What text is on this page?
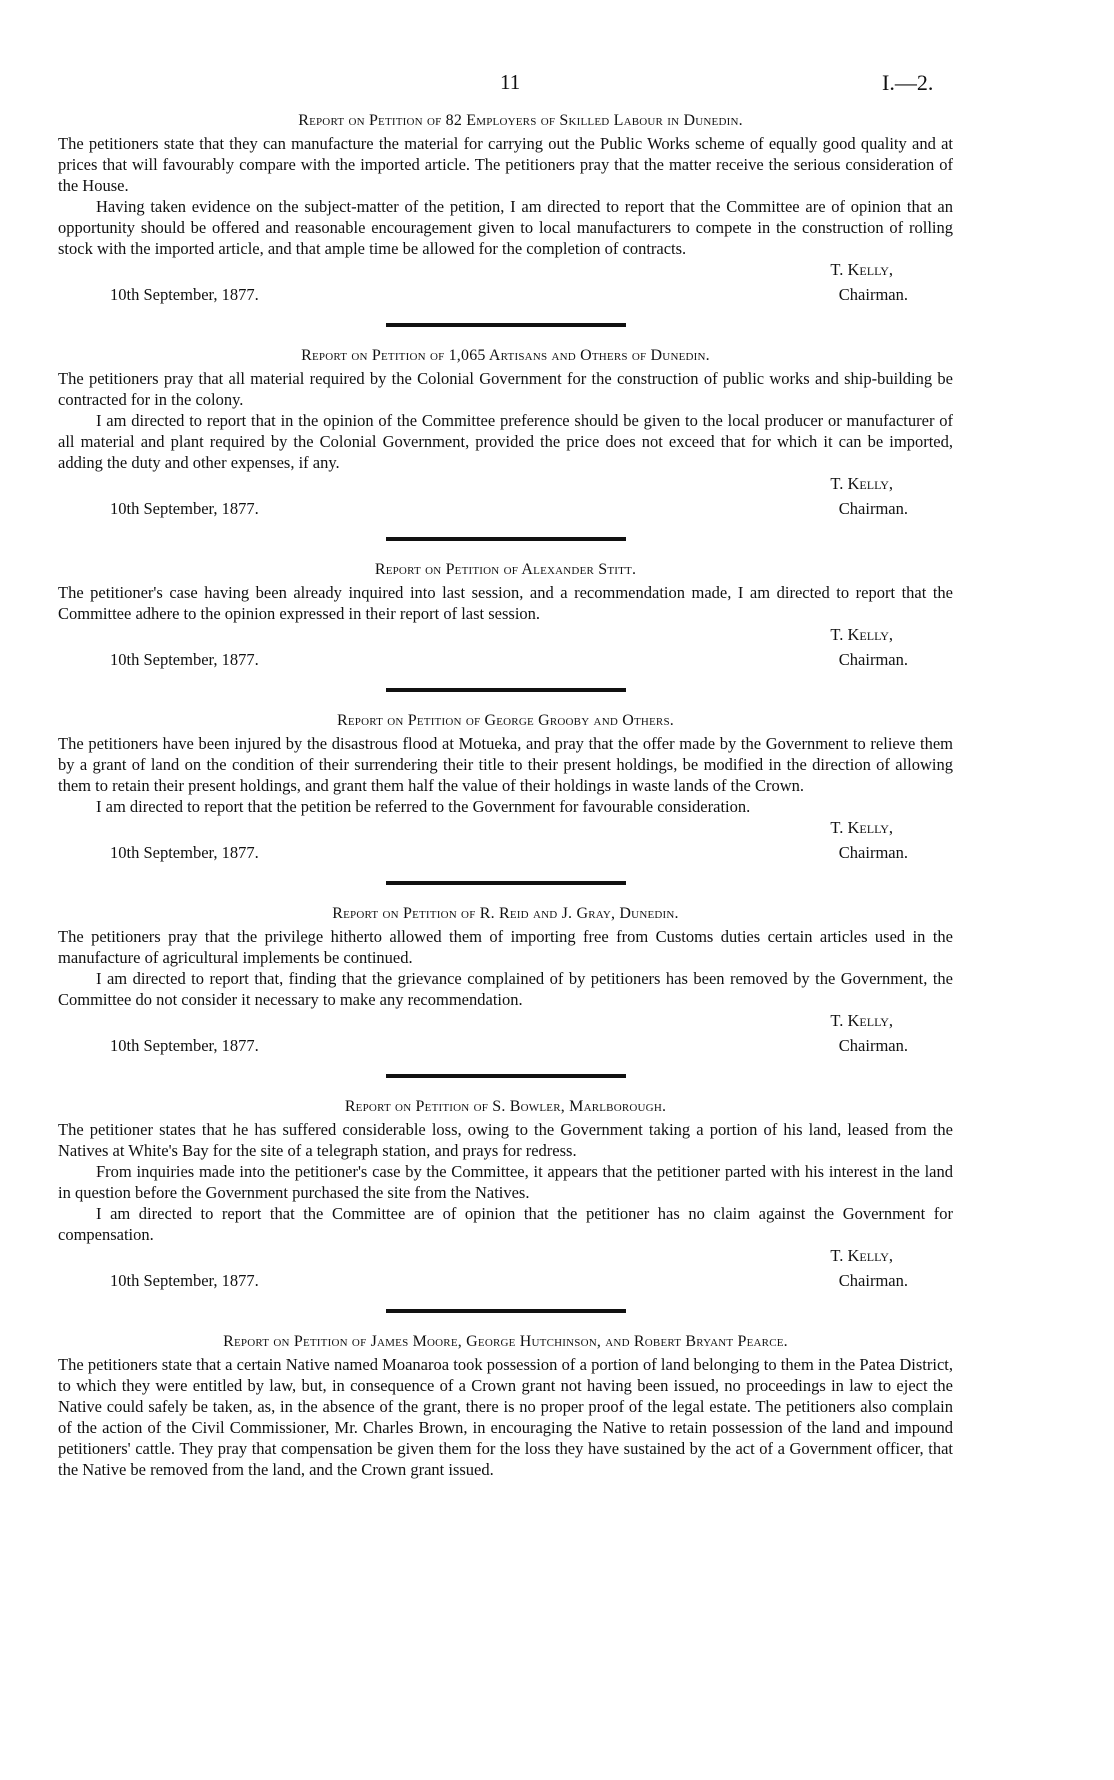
11	I.—2.
Report on Petition of 82 Employers of Skilled Labour in Dunedin.

The petitioners state that they can manufacture the material for carrying out the Public Works scheme of equally good quality and at prices that will favourably compare with the imported article. The petitioners pray that the matter receive the serious consideration of the House.

Having taken evidence on the subject-matter of the petition, I am directed to report that the Committee are of opinion that an opportunity should be offered and reasonable encouragement given to local manufacturers to compete in the construction of rolling stock with the imported article, and that ample time be allowed for the completion of contracts.

10th September, 1877.
T. Kelly,
Chairman.
Report on Petition of 1,065 Artisans and Others of Dunedin.

The petitioners pray that all material required by the Colonial Government for the construction of public works and ship-building be contracted for in the colony.

I am directed to report that in the opinion of the Committee preference should be given to the local producer or manufacturer of all material and plant required by the Colonial Government, provided the price does not exceed that for which it can be imported, adding the duty and other expenses, if any.

10th September, 1877.
T. Kelly,
Chairman.
Report on Petition of Alexander Stitt.

The petitioner's case having been already inquired into last session, and a recommendation made, I am directed to report that the Committee adhere to the opinion expressed in their report of last session.

10th September, 1877.
T. Kelly,
Chairman.
Report on Petition of George Grooby and Others.

The petitioners have been injured by the disastrous flood at Motueka, and pray that the offer made by the Government to relieve them by a grant of land on the condition of their surrendering their title to their present holdings, be modified in the direction of allowing them to retain their present holdings, and grant them half the value of their holdings in waste lands of the Crown.

I am directed to report that the petition be referred to the Government for favourable consideration.

10th September, 1877.
T. Kelly,
Chairman.
Report on Petition of R. Reid and J. Gray, Dunedin.

The petitioners pray that the privilege hitherto allowed them of importing free from Customs duties certain articles used in the manufacture of agricultural implements be continued.

I am directed to report that, finding that the grievance complained of by petitioners has been removed by the Government, the Committee do not consider it necessary to make any recommendation.

10th September, 1877.
T. Kelly,
Chairman.
Report on Petition of S. Bowler, Marlborough.

The petitioner states that he has suffered considerable loss, owing to the Government taking a portion of his land, leased from the Natives at White's Bay for the site of a telegraph station, and prays for redress.

From inquiries made into the petitioner's case by the Committee, it appears that the petitioner parted with his interest in the land in question before the Government purchased the site from the Natives.

I am directed to report that the Committee are of opinion that the petitioner has no claim against the Government for compensation.

10th September, 1877.
T. Kelly,
Chairman.
Report on Petition of James Moore, George Hutchinson, and Robert Bryant Pearce.

The petitioners state that a certain Native named Moanaroa took possession of a portion of land belonging to them in the Patea District, to which they were entitled by law, but, in consequence of a Crown grant not having been issued, no proceedings in law to eject the Native could safely be taken, as, in the absence of the grant, there is no proper proof of the legal estate. The petitioners also complain of the action of the Civil Commissioner, Mr. Charles Brown, in encouraging the Native to retain possession of the land and impound petitioners' cattle. They pray that compensation be given them for the loss they have sustained by the act of a Government officer, that the Native be removed from the land, and the Crown grant issued.
